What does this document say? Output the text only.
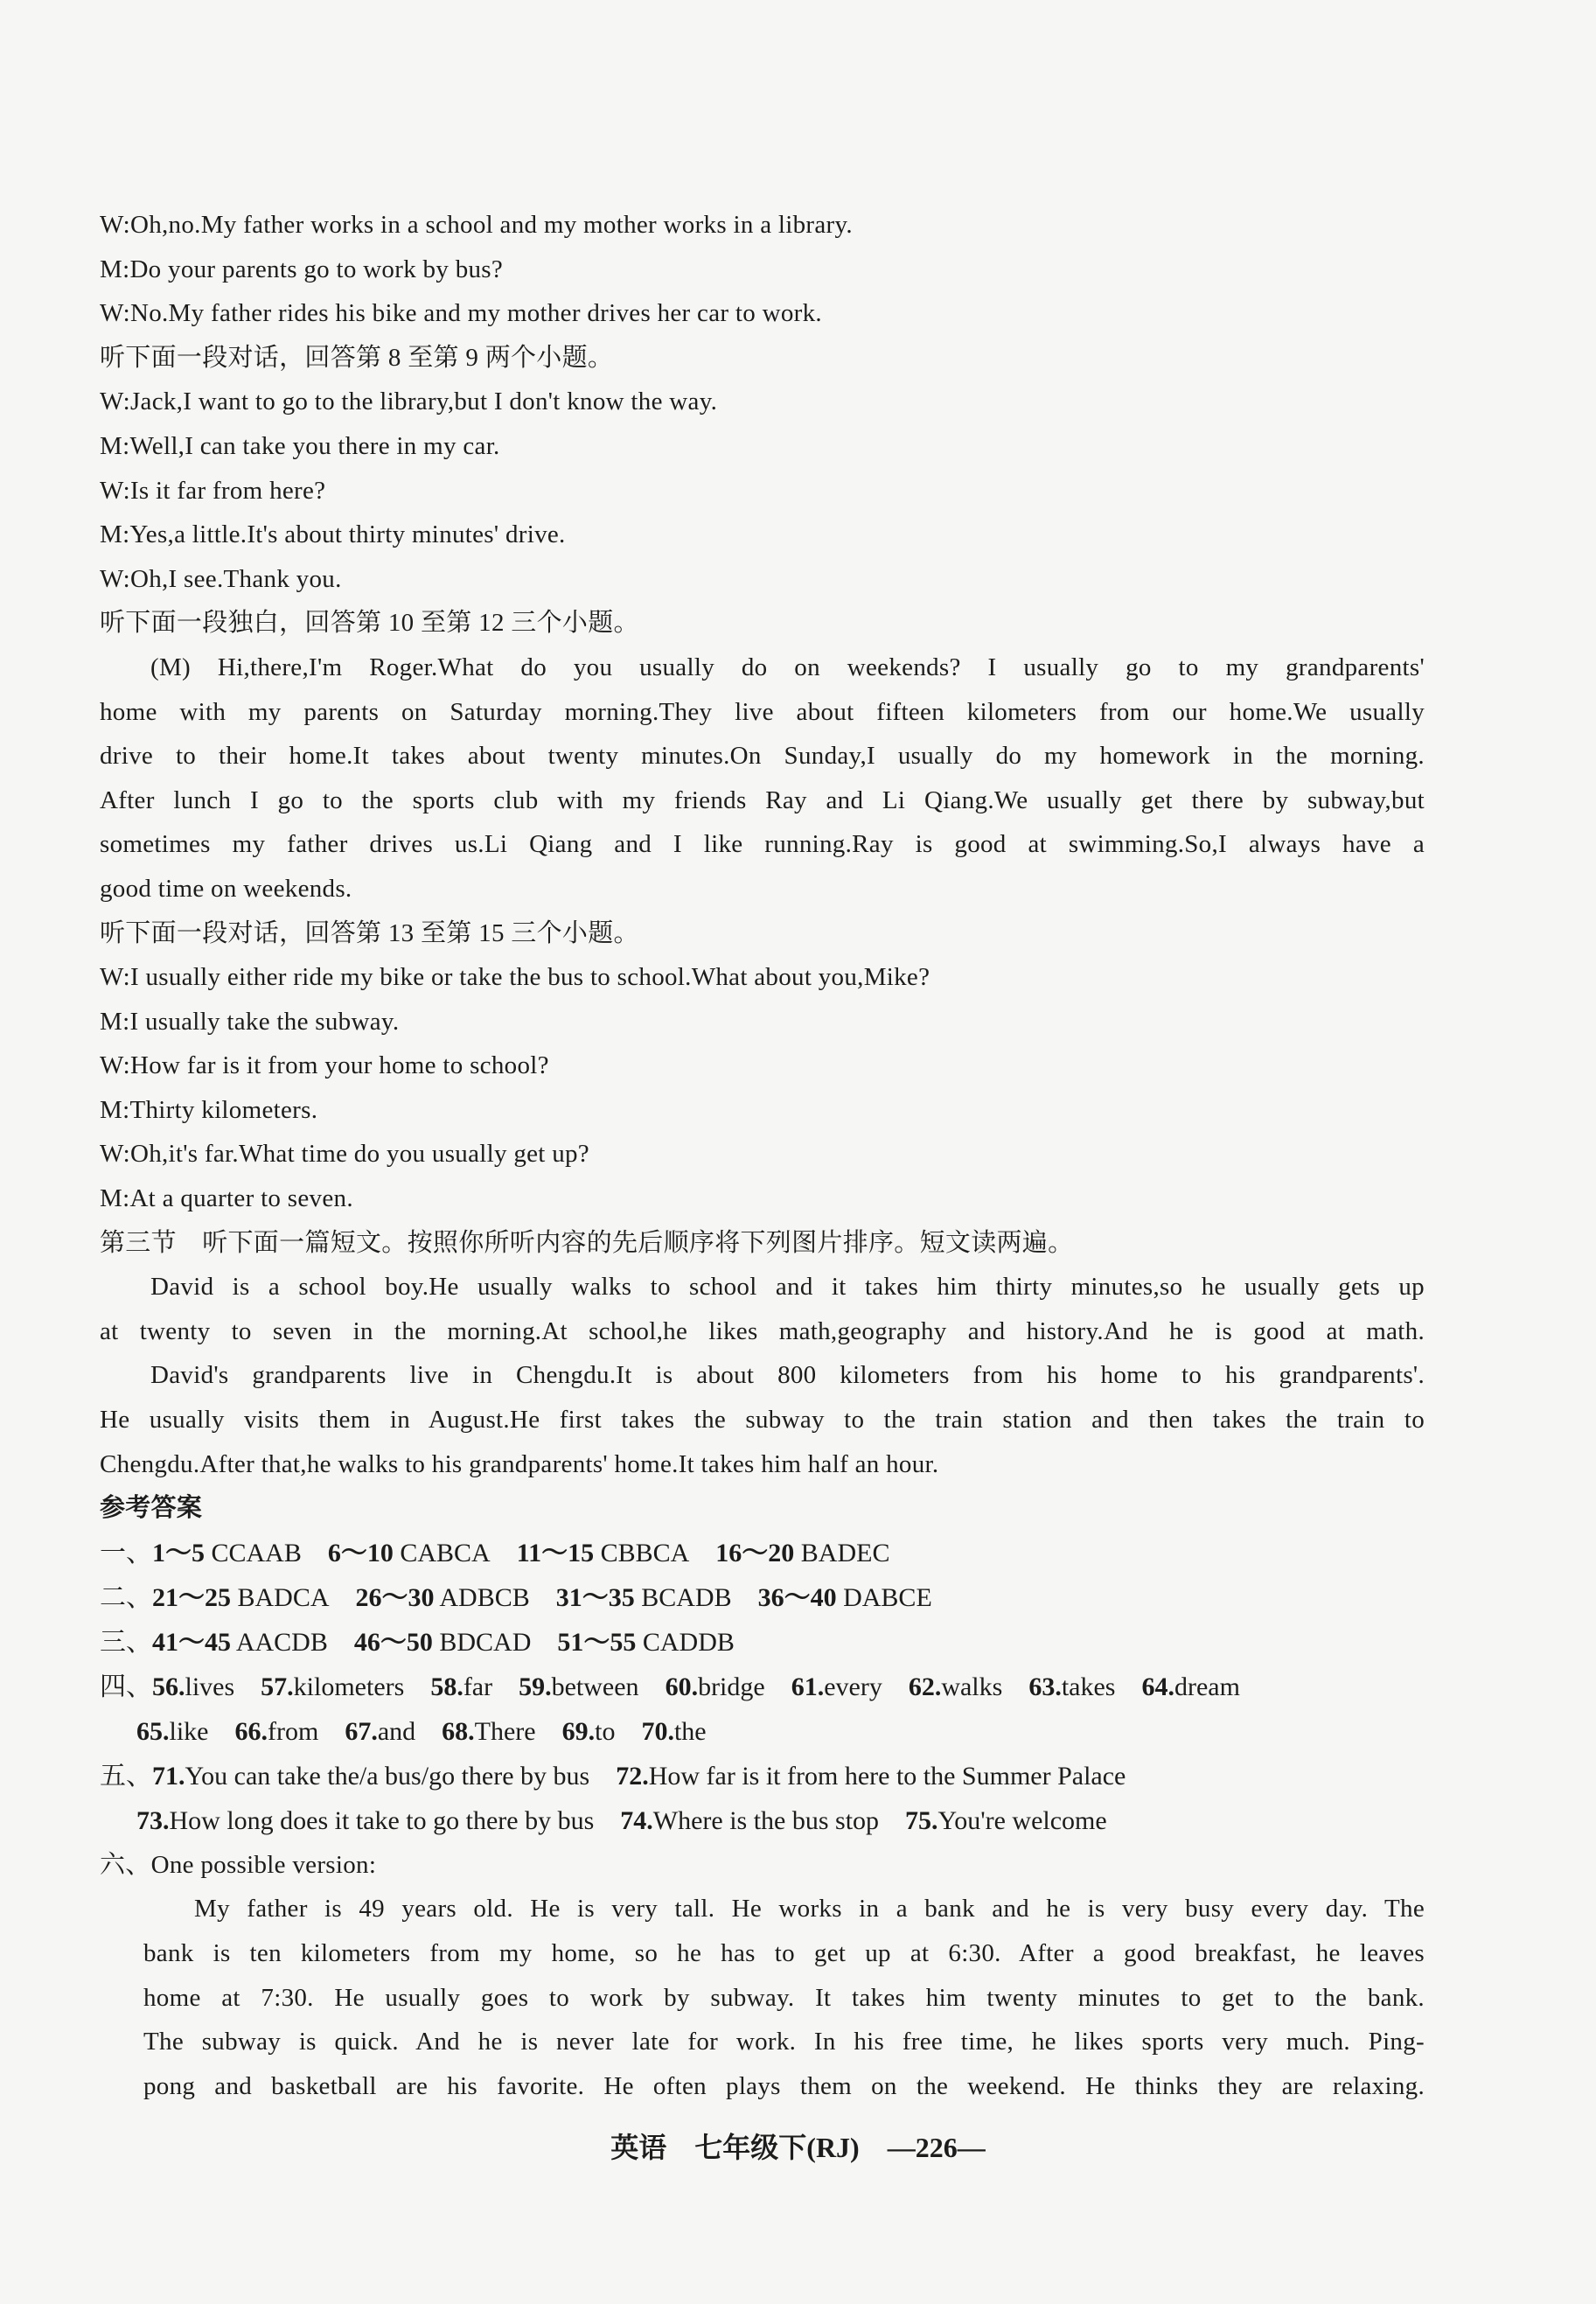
W:Oh,no.My father works in a school and my mother works in a library.
M:Do your parents go to work by bus?
W:No.My father rides his bike and my mother drives her car to work.
听下面一段对话，回答第 8 至第 9 两个小题。
W:Jack,I want to go to the library,but I don't know the way.
M:Well,I can take you there in my car.
W:Is it far from here?
M:Yes,a little.It's about thirty minutes' drive.
W:Oh,I see.Thank you.
听下面一段独白，回答第 10 至第 12 三个小题。
(M) Hi,there,I'm Roger.What do you usually do on weekends? I usually go to my grandparents'
home with my parents on Saturday morning.They live about fifteen kilometers from our home.We usually
drive to their home.It takes about twenty minutes.On Sunday,I usually do my homework in the morning.
After lunch I go to the sports club with my friends Ray and Li Qiang.We usually get there by subway,but
sometimes my father drives us.Li Qiang and I like running.Ray is good at swimming.So,I always have a
good time on weekends.
听下面一段对话，回答第 13 至第 15 三个小题。
W:I usually either ride my bike or take the bus to school.What about you,Mike?
M:I usually take the subway.
W:How far is it from your home to school?
M:Thirty kilometers.
W:Oh,it's far.What time do you usually get up?
M:At a quarter to seven.
第三节　听下面一篇短文。按照你所听内容的先后顺序将下列图片排序。短文读两遍。
David is a school boy.He usually walks to school and it takes him thirty minutes,so he usually gets up
at twenty to seven in the morning.At school,he likes math,geography and history.And he is good at math.
David's grandparents live in Chengdu.It is about 800 kilometers from his home to his grandparents'.
He usually visits them in August.He first takes the subway to the train station and then takes the train to
Chengdu.After that,he walks to his grandparents' home.It takes him half an hour.
参考答案
一、1～5 CCAAB 6～10 CABCA 11～15 CBBCA 16～20 BADEC
二、21～25 BADCA 26～30 ADBCB 31～35 BCADB 36～40 DABCE
三、41～45 AACDB 46～50 BDCAD 51～55 CADDB
四、56.lives 57.kilometers 58.far 59.between 60.bridge 61.every 62.walks 63.takes 64.dream
65.like 66.from 67.and 68.There 69.to 70.the
五、71.You can take the/a bus/go there by bus 72.How far is it from here to the Summer Palace
73.How long does it take to go there by bus 74.Where is the bus stop 75.You're welcome
六、One possible version:
My father is 49 years old. He is very tall. He works in a bank and he is very busy every day. The
bank is ten kilometers from my home, so he has to get up at 6:30. After a good breakfast, he leaves
home at 7:30. He usually goes to work by subway. It takes him twenty minutes to get to the bank.
The subway is quick. And he is never late for work. In his free time, he likes sports very much. Ping-
pong and basketball are his favorite. He often plays them on the weekend. He thinks they are relaxing.
英语 七年级下(RJ) —226—
